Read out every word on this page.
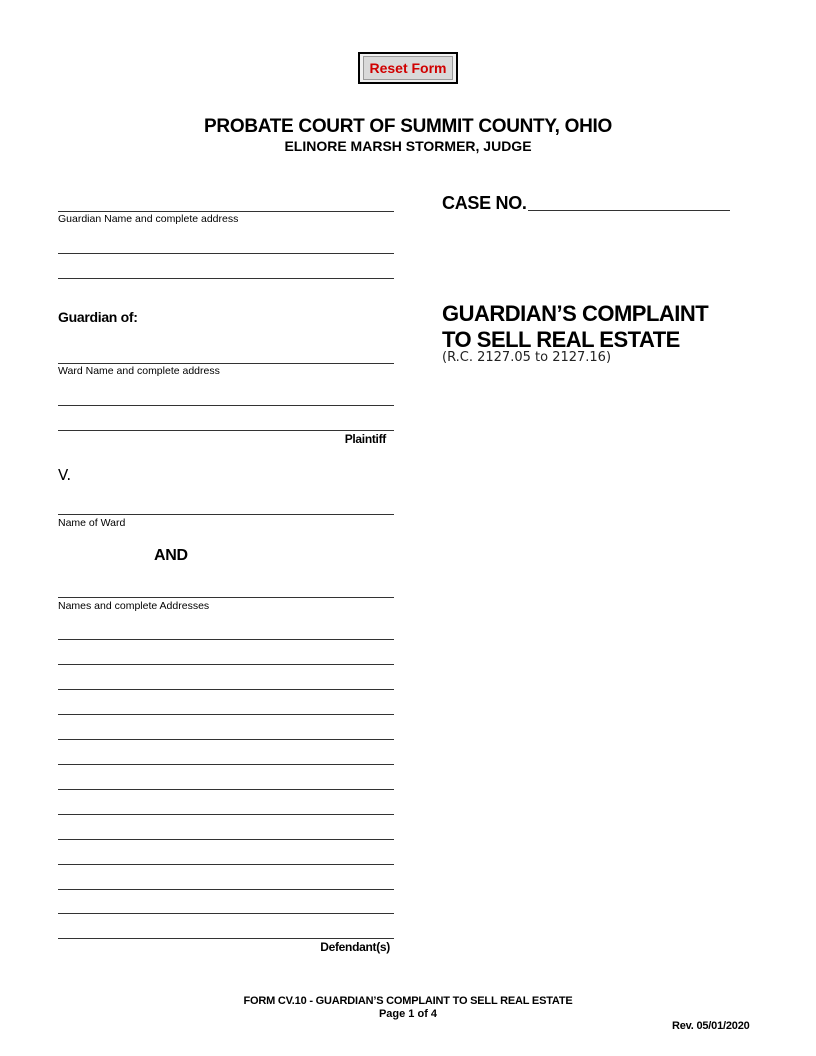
Reset Form
PROBATE COURT OF SUMMIT COUNTY, OHIO
ELINORE MARSH STORMER, JUDGE
Guardian Name and complete address
Guardian of:
Ward Name and complete address
Plaintiff
V.
Name of Ward
AND
Names and complete Addresses
Defendant(s)
CASE NO.
GUARDIAN’S COMPLAINT
TO SELL REAL ESTATE
(R.C. 2127.05 to 2127.16)
FORM CV.10 - GUARDIAN’S COMPLAINT TO SELL REAL ESTATE
Page 1 of 4
Rev. 05/01/2020
